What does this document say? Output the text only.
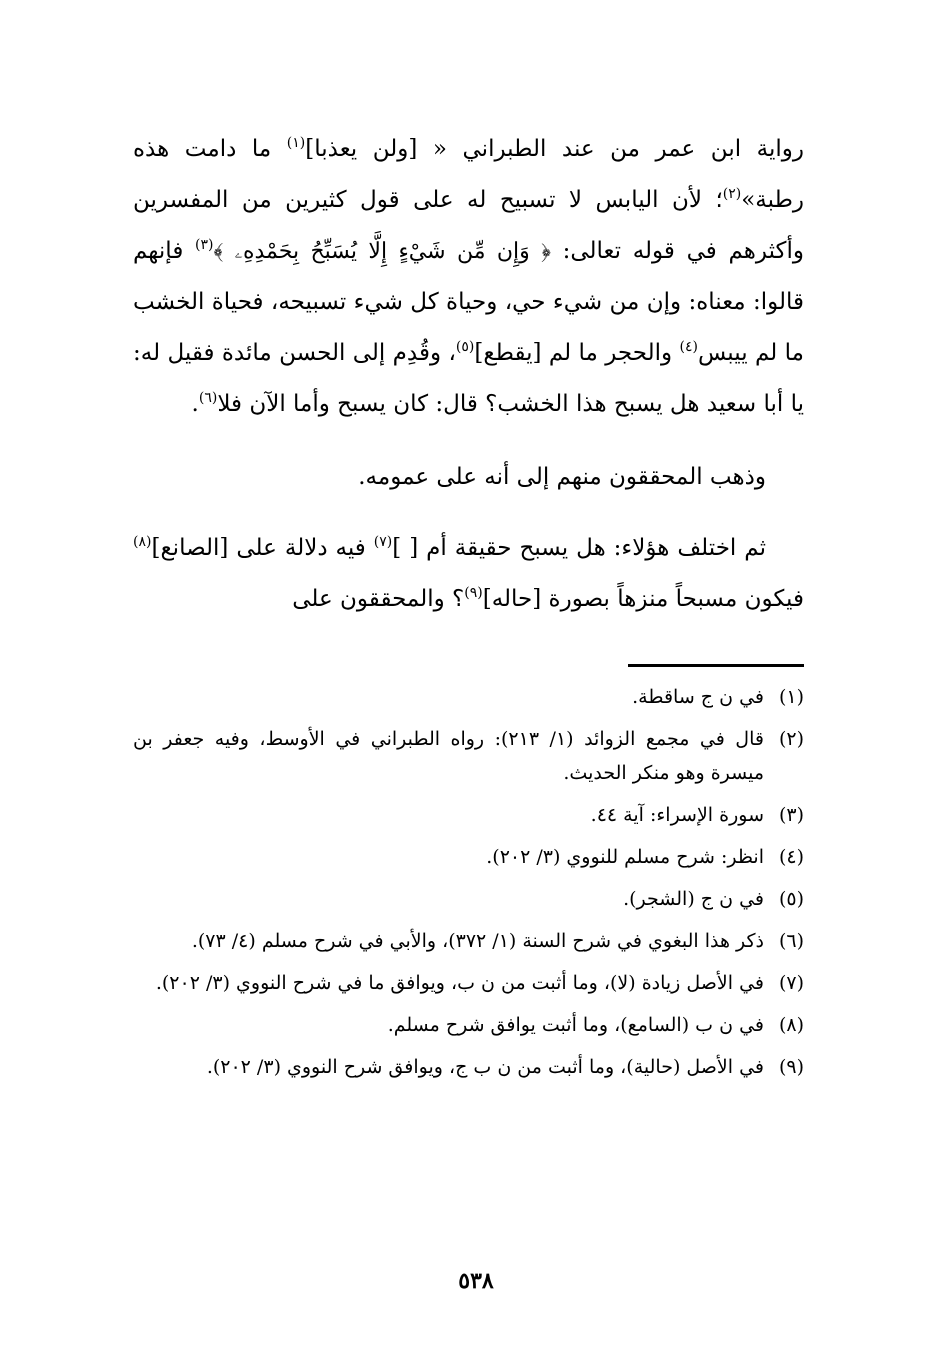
رواية ابن عمر من عند الطبراني « [ولن يعذبا]$^{(١)}$ ما دامت هذه رطبة»$^{(٢)}$؛ لأن اليابس لا تسبيح له على قول كثيرين من المفسرين وأكثرهم في قوله تعالى: ﴿ وَإِن مِّن شَيْءٍ إِلَّا يُسَبِّحُ بِحَمْدِهِۦ ﴾$^{(٣)}$ فإنهم قالوا: معناه: وإن من شيء حي، وحياة كل شيء تسبيحه، فحياة الخشب ما لم ييبس$^{(٤)}$ والحجر ما لم [يقطع]$^{(٥)}$، وقُدِم إلى الحسن مائدة فقيل له: يا أبا سعيد هل يسبح هذا الخشب؟ قال: كان يسبح وأما الآن فلا$^{(٦)}$.

وذهب المحققون منهم إلى أنه على عمومه.

ثم اختلف هؤلاء: هل يسبح حقيقة أم [ ]$^{(٧)}$ فيه دلالة على [الصانع]$^{(٨)}$ فيكون مسبحاً منزهاً بصورة [حاله]$^{(٩)}$؟ والمحققون على

(١)
في ن ج ساقطة.
(٢)
قال في مجمع الزوائد (١/ ٢١٣): رواه الطبراني في الأوسط، وفيه جعفر بن ميسرة وهو منكر الحديث.
(٣)
سورة الإسراء: آية ٤٤.
(٤)
انظر: شرح مسلم للنووي (٣/ ٢٠٢).
(٥)
في ن ج (الشجر).
(٦)
ذكر هذا البغوي في شرح السنة (١/ ٣٧٢)، والأبي في شرح مسلم (٤/ ٧٣).
(٧)
في الأصل زيادة (لا)، وما أثبت من ن ب، ويوافق ما في شرح النووي (٣/ ٢٠٢).
(٨)
في ن ب (السامع)، وما أثبت يوافق شرح مسلم.
(٩)
في الأصل (حالية)، وما أثبت من ن ب ج، ويوافق شرح النووي (٣/ ٢٠٢).
٥٣٨
